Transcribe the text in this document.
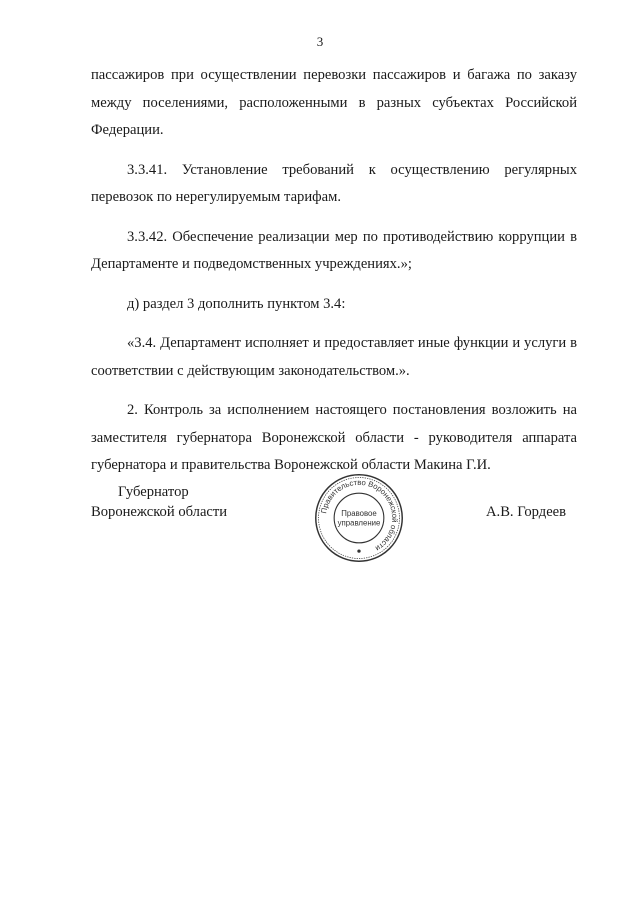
3

пассажиров при осуществлении перевозки пассажиров и багажа по заказу между поселениями, расположенными в разных субъектах Российской Федерации.

3.3.41. Установление требований к осуществлению регулярных перевозок по нерегулируемым тарифам.

3.3.42. Обеспечение реализации мер по противодействию коррупции в Департаменте и подведомственных учреждениях.»;

д) раздел 3 дополнить пунктом 3.4:

«3.4. Департамент исполняет и предоставляет иные функции и услуги в соответствии с действующим законодательством.».

2. Контроль за исполнением настоящего постановления возложить на заместителя губернатора Воронежской области - руководителя аппарата губернатора и правительства Воронежской области Макина Г.И.

Губернатор
Воронежской области	Правительство Воронежской области
Правовое
управление
А.В. Гордеев
